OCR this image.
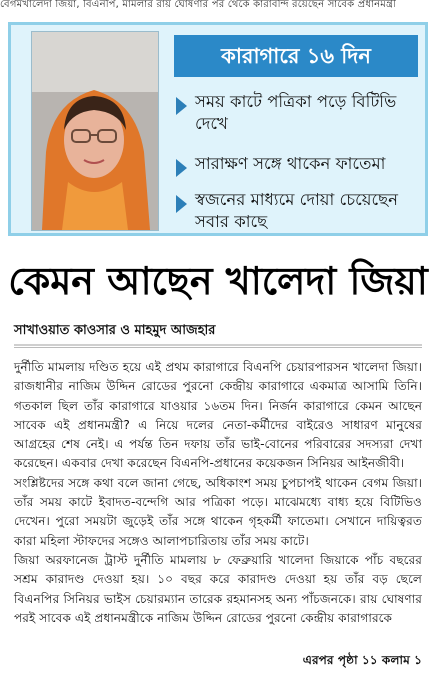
বেগমখালেদা জিয়া, বিএনপি, মামলার রায় ঘোষণার পর থেকে কারাবন্দি রয়েছেন সাবেক প্রধানমন্ত্রী
কারাগারে ১৬ দিন
সময় কাটে পত্রিকা পড়ে বিটিভি দেখে
সারাক্ষণ সঙ্গে থাকেন ফাতেমা
স্বজনের মাধ্যমে দোয়া চেয়েছেন সবার কাছে
কেমন আছেন খালেদা জিয়া
সাখাওয়াত কাওসার ও মাহমুদ আজহার

দুর্নীতি মামলায় দণ্ডিত হয়ে এই প্রথম কারাগারে বিএনপি চেয়ারপারসন খালেদা জিয়া। রাজধানীর নাজিম উদ্দিন রোডের পুরনো কেন্দ্রীয় কারাগারে একমাত্র আসামি তিনি। গতকাল ছিল তাঁর কারাগারে যাওয়ার ১৬তম দিন। নির্জন কারাগারে কেমন আছেন সাবেক এই প্রধানমন্ত্রী? এ নিয়ে দলের নেতা-কর্মীদের বাইরেও সাধারণ মানুষের আগ্রহের শেষ নেই। এ পর্যন্ত তিন দফায় তাঁর ভাই-বোনের পরিবারের সদস্যরা দেখা করেছেন। একবার দেখা করেছেন বিএনপি-প্রধানের কয়েকজন সিনিয়র আইনজীবী।

সংশ্লিষ্টদের সঙ্গে কথা বলে জানা গেছে, অধিকাংশ সময় চুপচাপই থাকেন বেগম জিয়া। তাঁর সময় কাটে ইবাদত-বন্দেগি আর পত্রিকা পড়ে। মাঝেমধ্যে বাধ্য হয়ে বিটিভিও দেখেন। পুরো সময়টা জুড়েই তাঁর সঙ্গে থাকেন গৃহকর্মী ফাতেমা। সেখানে দায়িত্বরত কারা মহিলা স্টাফদের সঙ্গেও আলাপচারিতায় তাঁর সময় কাটে।

জিয়া অরফানেজ ট্রাস্ট দুর্নীতি মামলায় ৮ ফেব্রুয়ারি খালেদা জিয়াকে পাঁচ বছরের সশ্রম কারাদণ্ড দেওয়া হয়। ১০ বছর করে কারাদণ্ড দেওয়া হয় তাঁর বড় ছেলে বিএনপির সিনিয়র ভাইস চেয়ারম্যান তারেক রহমানসহ অন্য পাঁচজনকে। রায় ঘোষণার পরই সাবেক এই প্রধানমন্ত্রীকে নাজিম উদ্দিন রোডের পুরনো কেন্দ্রীয় কারাগারকে

এরপর পৃষ্ঠা ১১ কলাম ১
